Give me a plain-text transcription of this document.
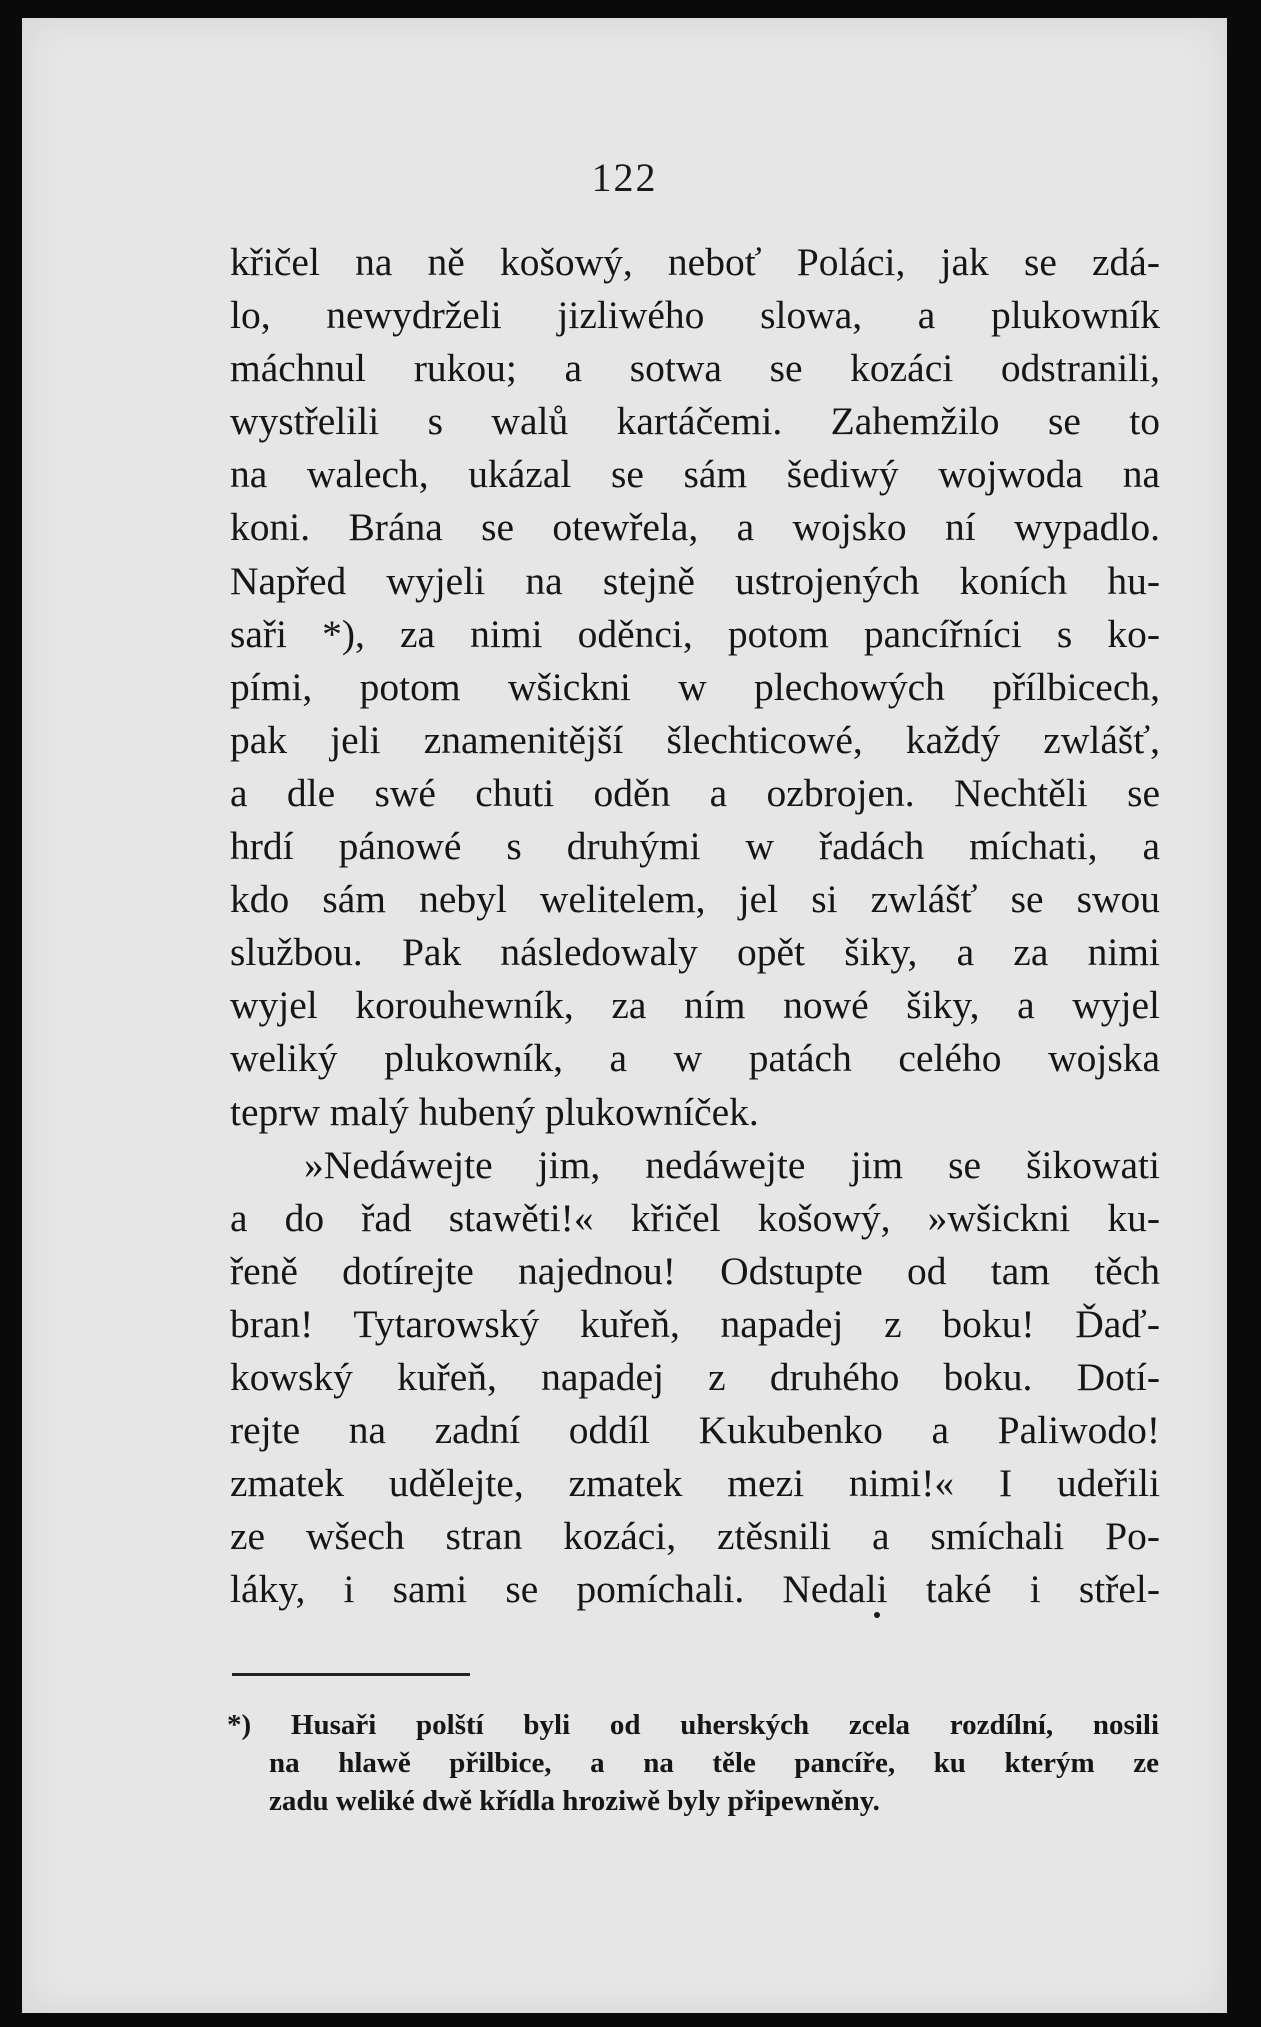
122
křičel na ně košowý, neboť Poláci, jak se zdá-
lo, newydrželi jizliwého slowa, a plukowník
máchnul rukou; a sotwa se kozáci odstranili,
wystřelili s walů kartáčemi. Zahemžilo se to
na walech, ukázal se sám šediwý wojwoda na
koni. Brána se otewřela, a wojsko ní wypadlo.
Napřed wyjeli na stejně ustrojených koních hu-
saři *), za nimi oděnci, potom pancířníci s ko-
pími, potom wšickni w plechowých přílbicech,
pak jeli znamenitější šlechticowé, každý zwlášť,
a dle swé chuti oděn a ozbrojen. Nechtěli se
hrdí pánowé s druhými w řadách míchati, a
kdo sám nebyl welitelem, jel si zwlášť se swou
službou. Pak následowaly opět šiky, a za nimi
wyjel korouhewník, za ním nowé šiky, a wyjel
weliký plukowník, a w patách celého wojska
teprw malý hubený plukowníček.
»Nedáwejte jim, nedáwejte jim se šikowati
a do řad stawěti!« křičel košowý, »wšickni ku-
řeně dotírejte najednou! Odstupte od tam těch
bran! Tytarowský kuřeň, napadej z boku! Ďaď-
kowský kuřeň, napadej z druhého boku. Dotí-
rejte na zadní oddíl Kukubenko a Paliwodo!
zmatek udělejte, zmatek mezi nimi!« I udeřili
ze wšech stran kozáci, ztěsnili a smíchali Po-
láky, i sami se pomíchali. Nedali také i střel-
*) Husaři polští byli od uherských zcela rozdílní, nosili
na hlawě přilbice, a na těle pancíře, ku kterým ze
zadu weliké dwě křídla hroziwě byly připewněny.
